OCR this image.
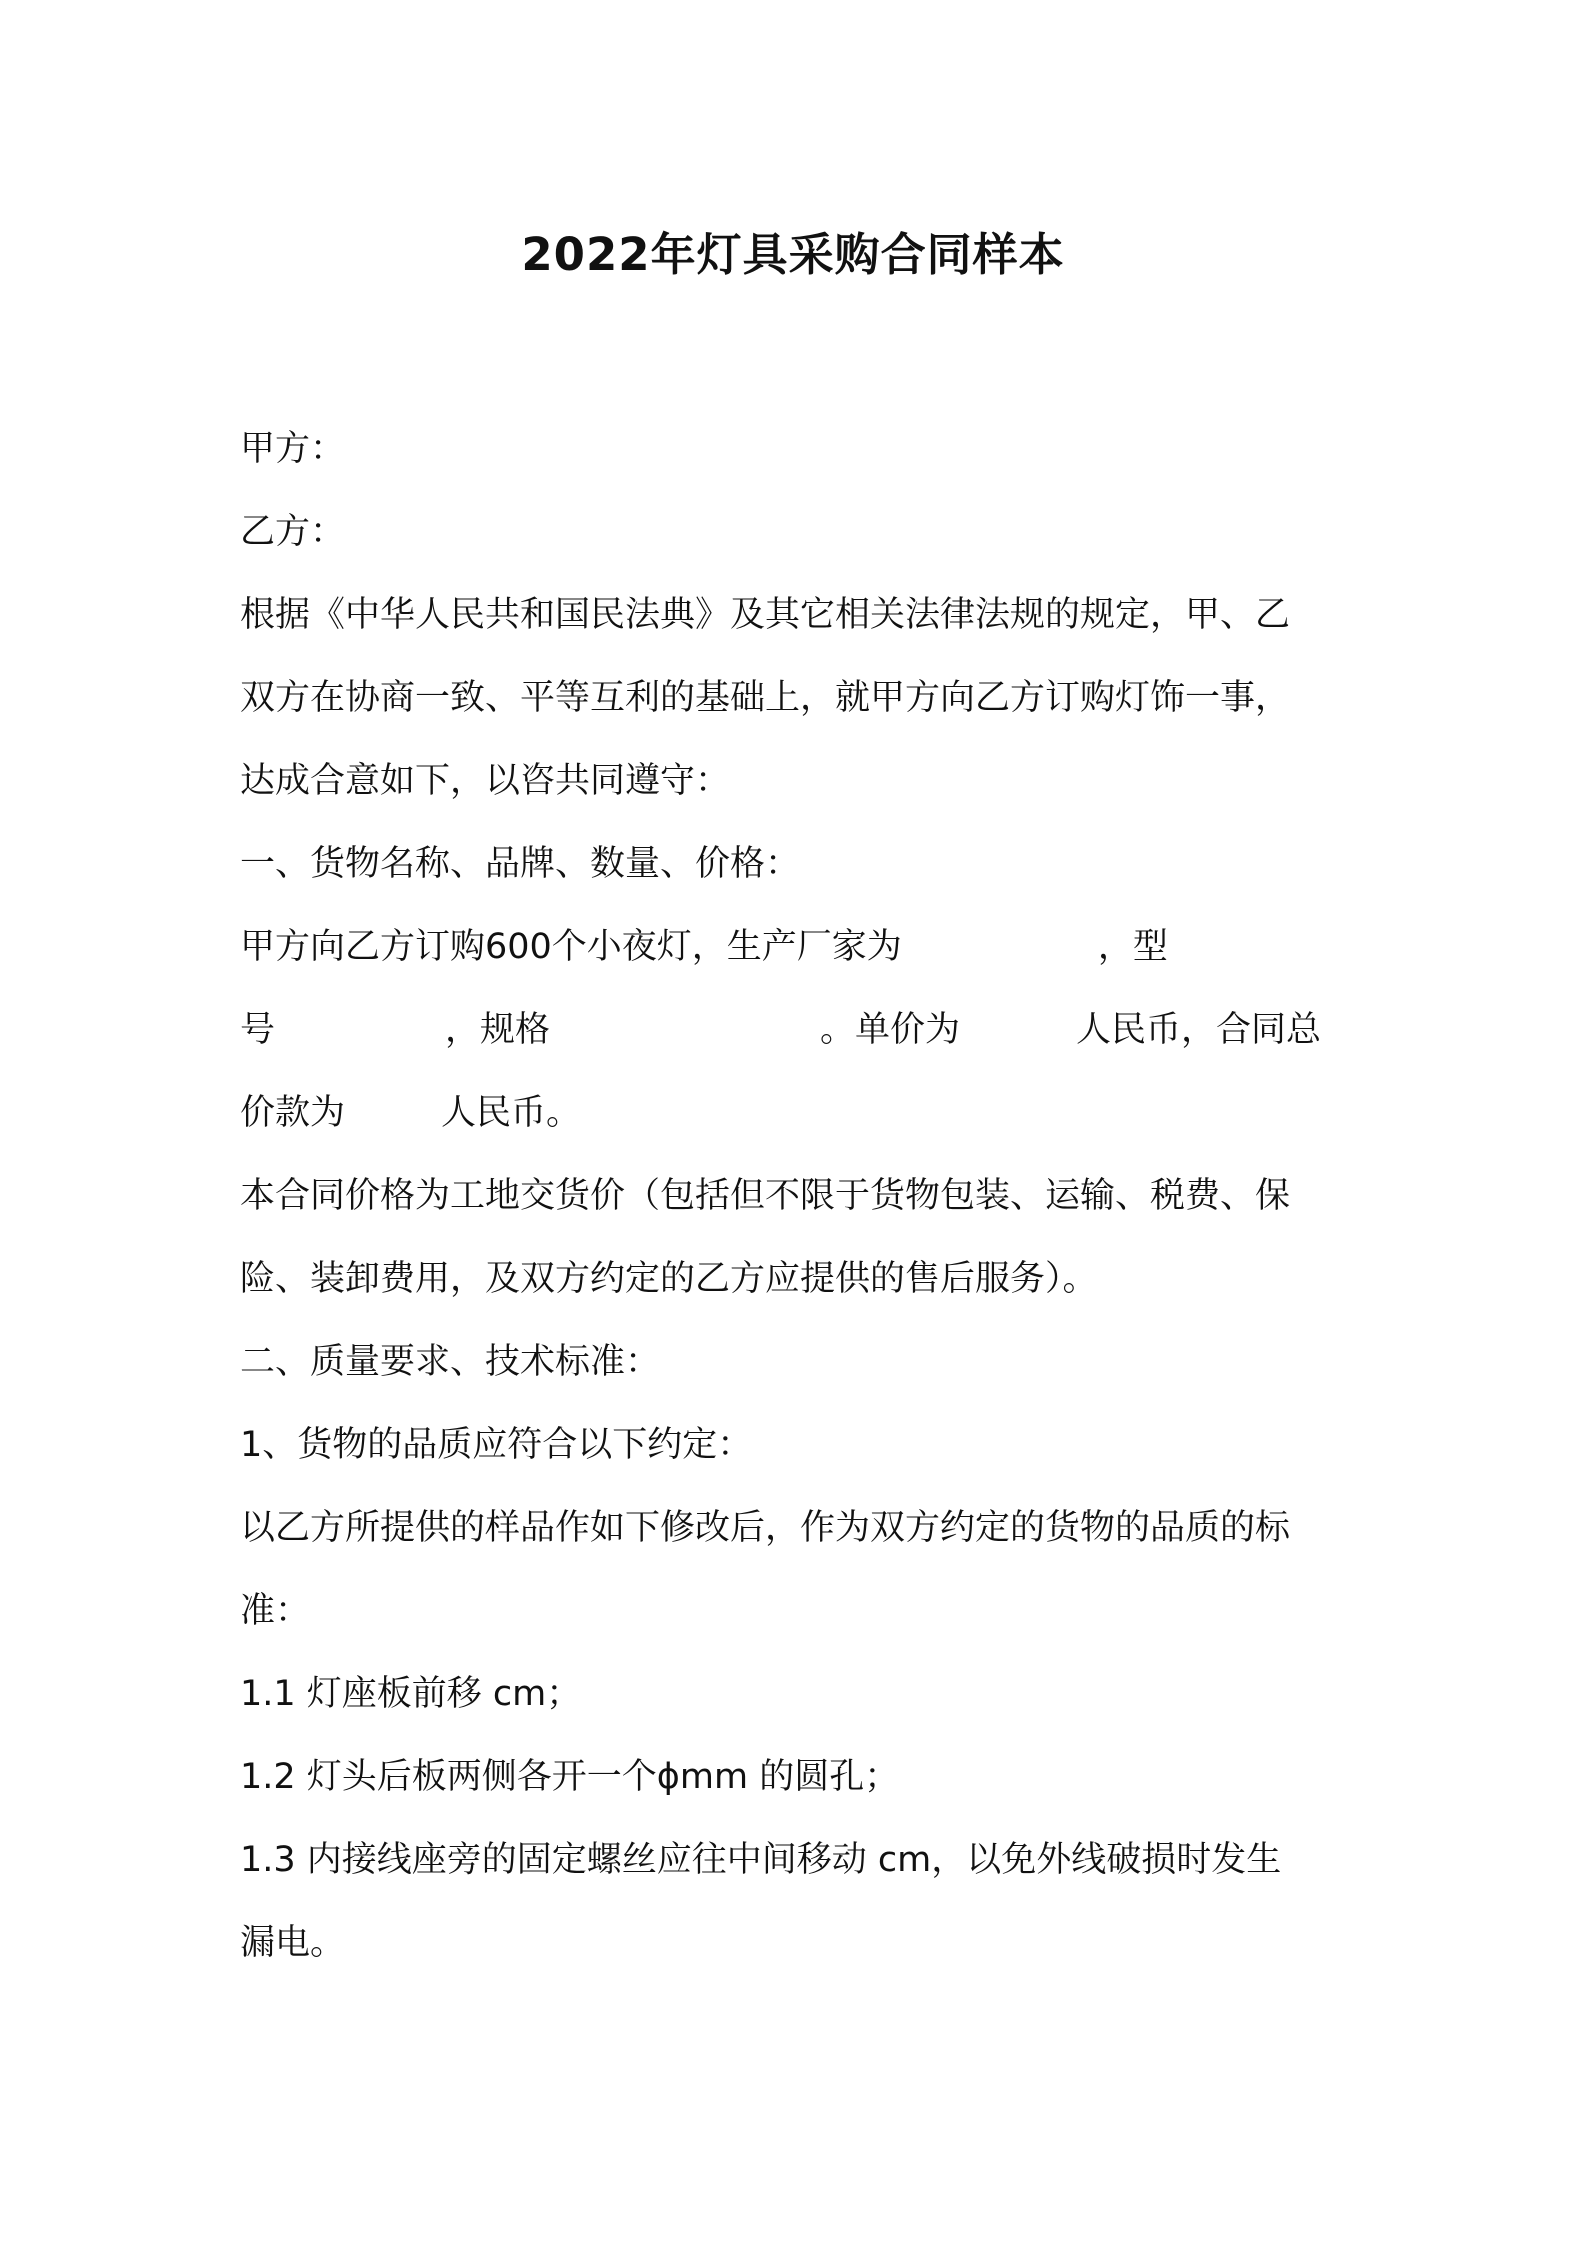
2022年灯具采购合同样本
甲方：
乙方：
根据《中华人民共和国民法典》及其它相关法律法规的规定，甲、乙
双方在协商一致、平等互利的基础上，就甲方向乙方订购灯饰一事，
达成合意如下，以咨共同遵守：
一、货物名称、品牌、数量、价格：
甲方向乙方订购600个小夜灯，生产厂家为	，型
号	，规格	。单价为	人民币，合同总
价款为	人民币。
本合同价格为工地交货价（包括但不限于货物包装、运输、税费、保
险、装卸费用，及双方约定的乙方应提供的售后服务）。
二、质量要求、技术标准：
1、货物的品质应符合以下约定：
以乙方所提供的样品作如下修改后，作为双方约定的货物的品质的标
准：
1.1 灯座板前移 cm；
1.2 灯头后板两侧各开一个ϕmm 的圆孔；
1.3 内接线座旁的固定螺丝应往中间移动 cm，以免外线破损时发生
漏电。
